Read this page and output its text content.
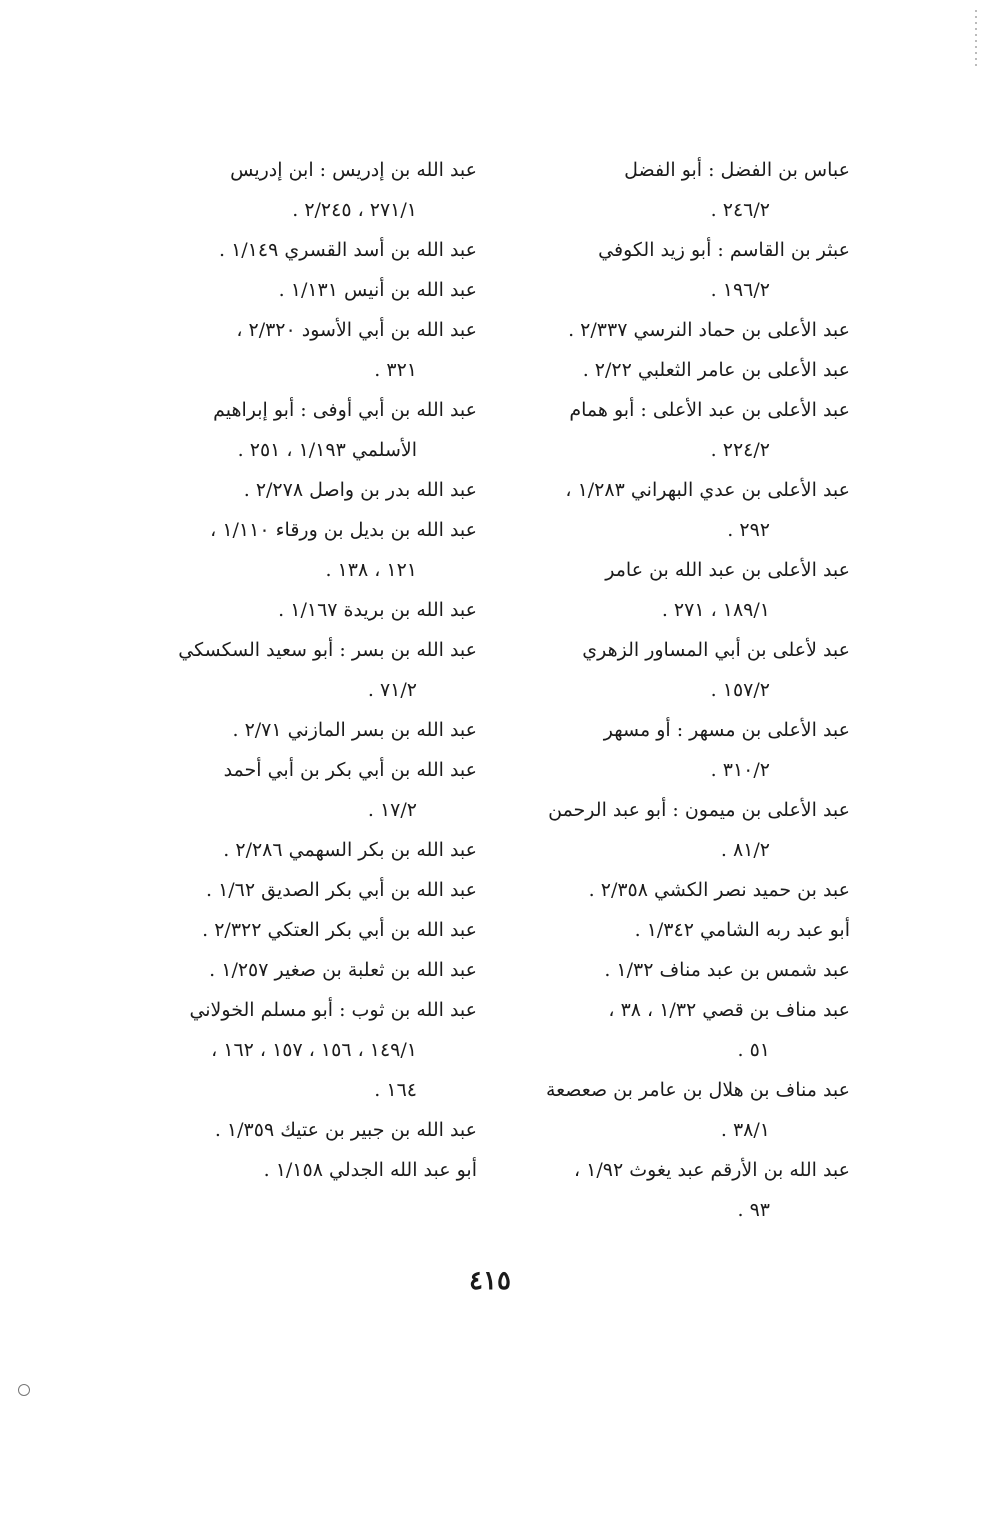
عباس بن الفضل : أبو الفضل
٢٤٦/٢ .

عبثر بن القاسم : أبو زيد الكوفي
١٩٦/٢ .

عبد الأعلى بن حماد النرسي ٢/٣٣٧ .

عبد الأعلى بن عامر الثعلبي ٢/٢٢ .

عبد الأعلى بن عبد الأعلى : أبو همام
٢٢٤/٢ .

عبد الأعلى بن عدي البهراني ١/٢٨٣ ،
٢٩٢ .

عبد الأعلى بن عبد الله بن عامر
١٨٩/١ ، ٢٧١ .

عبد لأعلى بن أبي المساور الزهري
١٥٧/٢ .

عبد الأعلى بن مسهر : أو مسهر
٣١٠/٢ .

عبد الأعلى بن ميمون : أبو عبد الرحمن
٨١/٢ .

عبد بن حميد نصر الكشي ٢/٣٥٨ .

أبو عبد ربه الشامي ١/٣٤٢ .

عبد شمس بن عبد مناف ١/٣٢ .

عبد مناف بن قصي ١/٣٢ ، ٣٨ ،
٥١ .

عبد مناف بن هلال بن عامر بن صعصعة
٣٨/١ .

عبد الله بن الأرقم عبد يغوث ١/٩٢ ،
٩٣ .

عبد الله بن إدريس : ابن إدريس
٢٧١/١ ، ٢/٢٤٥ .

عبد الله بن أسد القسري ١/١٤٩ .

عبد الله بن أنيس ١/١٣١ .

عبد الله بن أبي الأسود ٢/٣٢٠ ،
٣٢١ .

عبد الله بن أبي أوفى : أبو إبراهيم
الأسلمي ١/١٩٣ ، ٢٥١ .

عبد الله بدر بن واصل ٢/٢٧٨ .

عبد الله بن بديل بن ورقاء ١/١١٠ ،
١٢١ ، ١٣٨ .

عبد الله بن بريدة ١/١٦٧ .

عبد الله بن بسر : أبو سعيد السكسكي
٧١/٢ .

عبد الله بن بسر المازني ٢/٧١ .

عبد الله بن أبي بكر بن أبي أحمد
١٧/٢ .

عبد الله بن بكر السهمي ٢/٢٨٦ .

عبد الله بن أبي بكر الصديق ١/٦٢ .

عبد الله بن أبي بكر العتكي ٢/٣٢٢ .

عبد الله بن ثعلبة بن صغير ١/٢٥٧ .

عبد الله بن ثوب : أبو مسلم الخولاني
١٤٩/١ ، ١٥٦ ، ١٥٧ ، ١٦٢ ،
١٦٤ .

عبد الله بن جبير بن عتيك ١/٣٥٩ .

أبو عبد الله الجدلي ١/١٥٨ .

٤١٥
